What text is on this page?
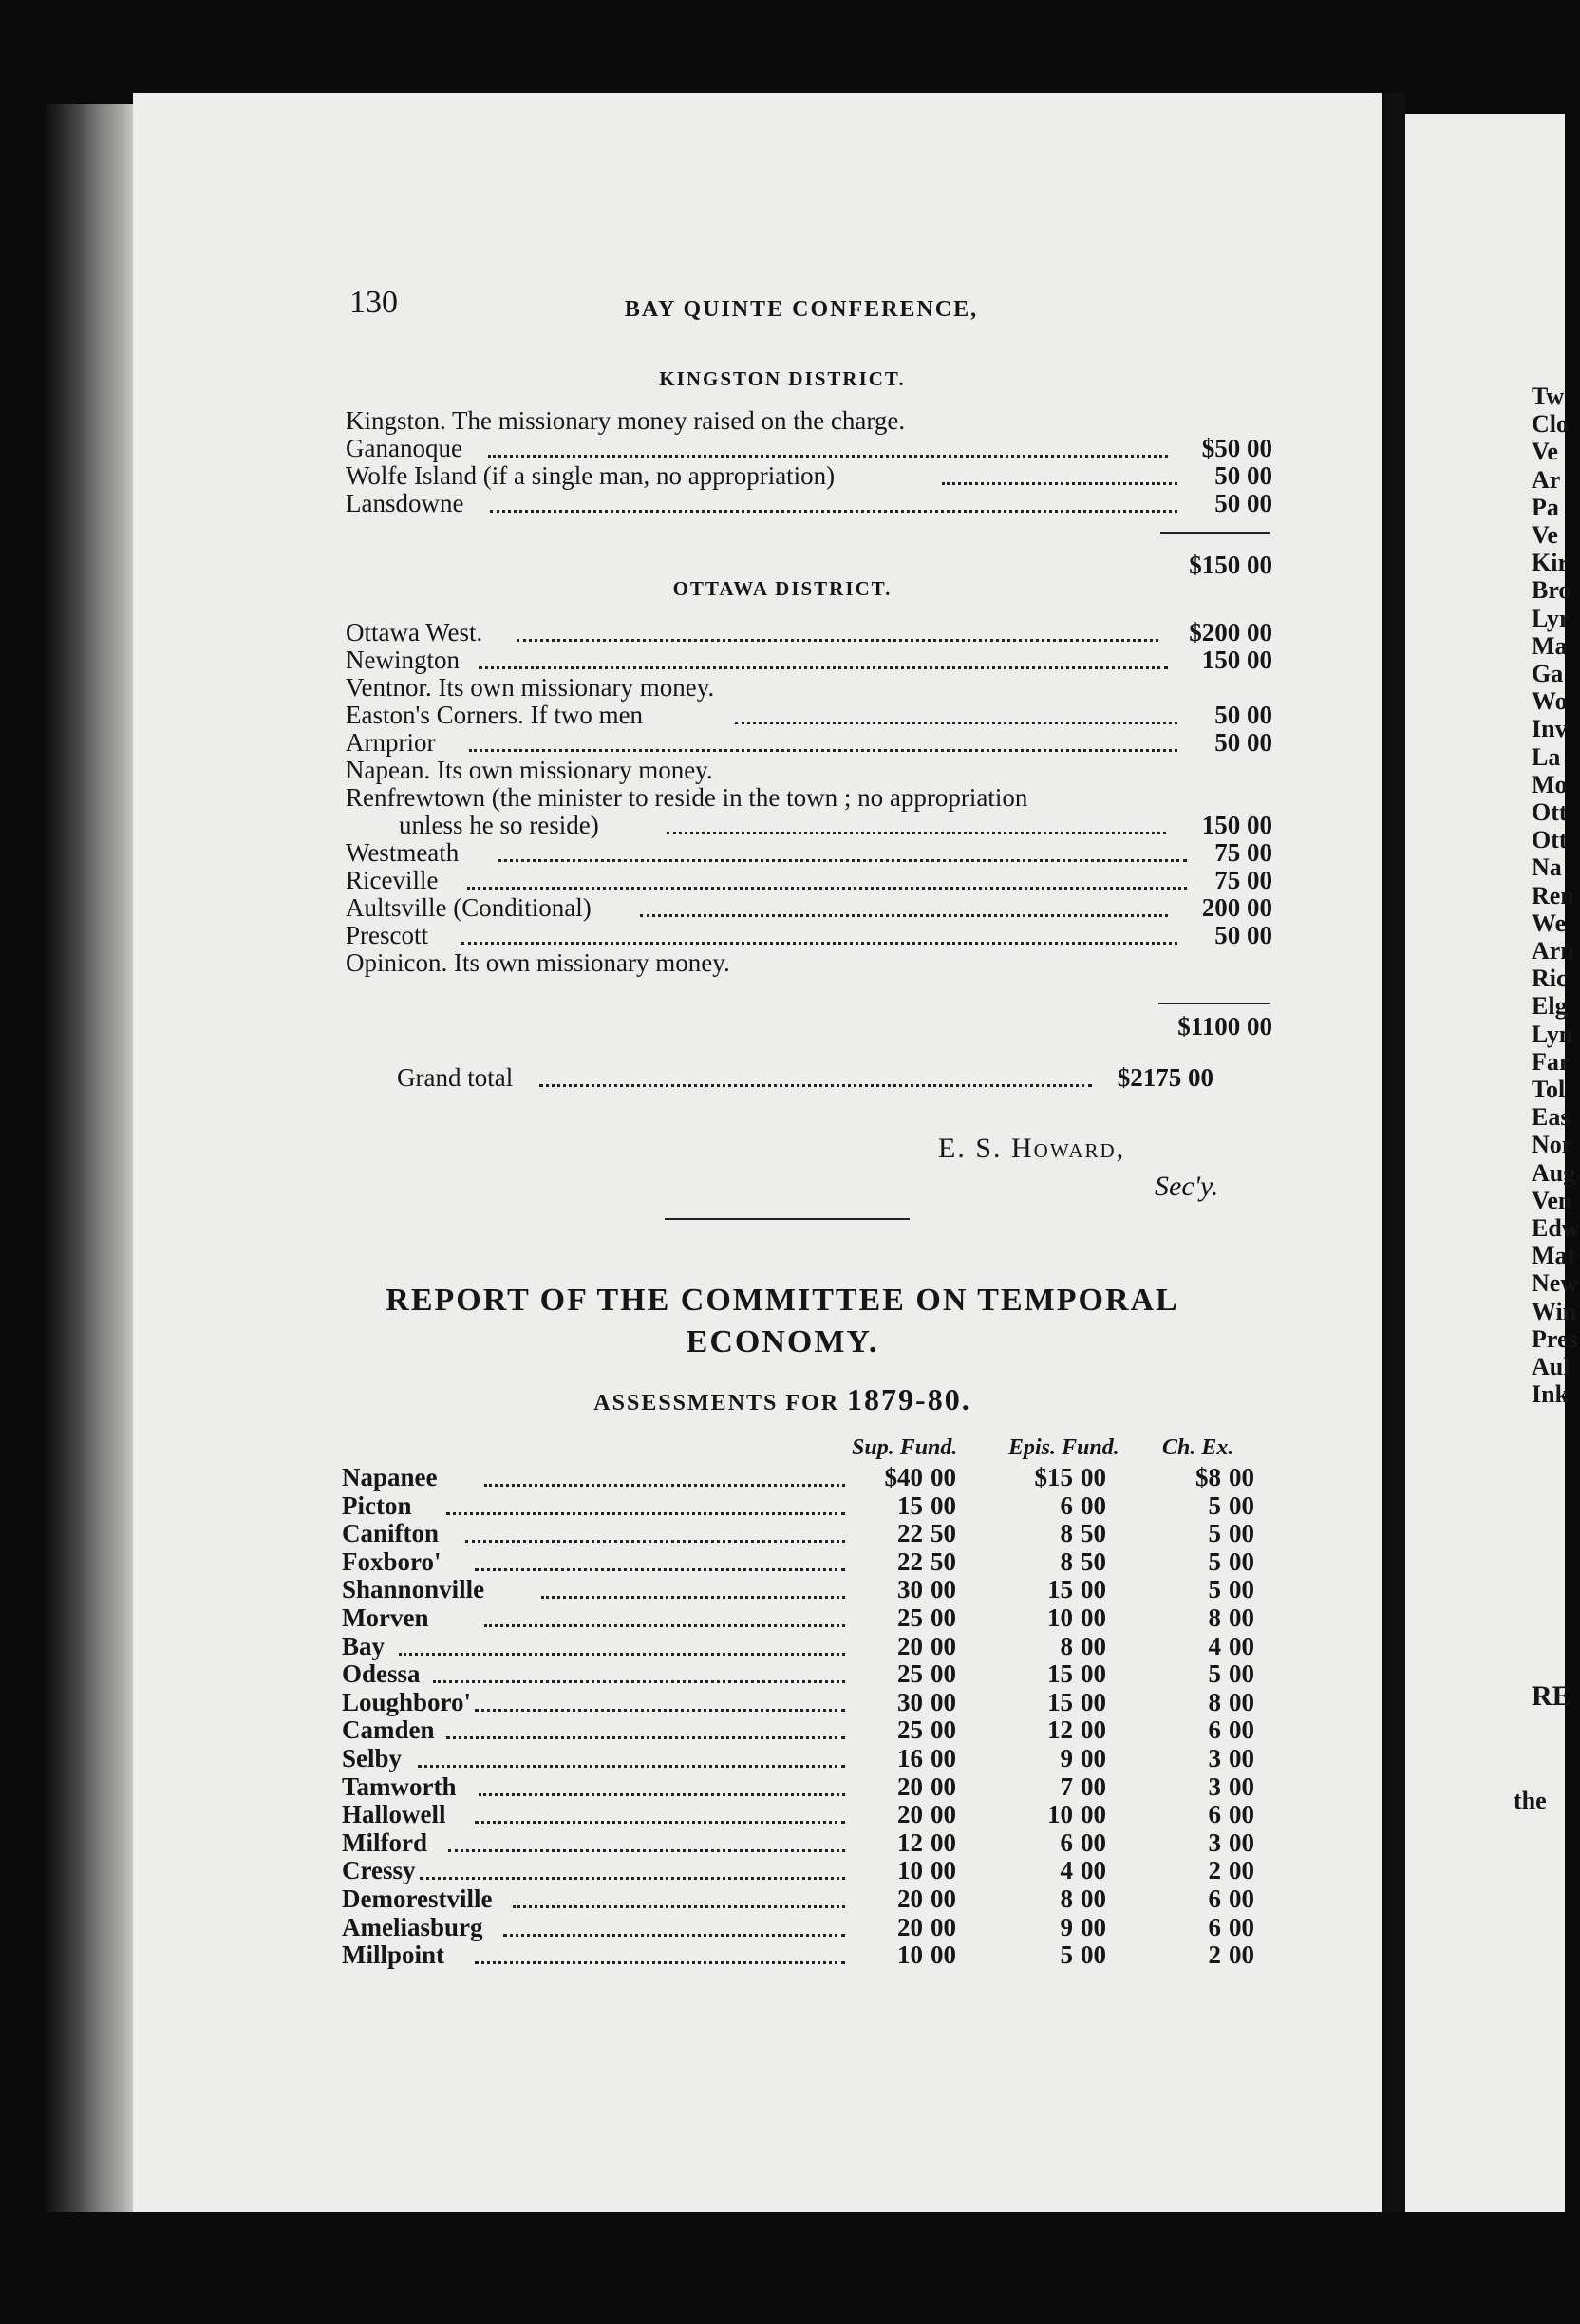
130	BAY QUINTE CONFERENCE,
KINGSTON DISTRICT.
Kingston. The missionary money raised on the charge.
Gananoque	$50 00
Wolfe Island (if a single man, no appropriation)	50 00
Lansdowne	50 00
$150 00
OTTAWA DISTRICT.
Ottawa West.	$200 00
Newington	150 00
Ventnor. Its own missionary money.
Easton's Corners. If two men	50 00
Arnprior	50 00
Napean. Its own missionary money.
Renfrewtown (the minister to reside in the town ; no appropriation
unless he so reside)	150 00
Westmeath	75 00
Riceville	75 00
Aultsville (Conditional)	200 00
Prescott	50 00
Opinicon. Its own missionary money.
$1100 00
Grand total	$2175 00
E. S. Howard,
Sec'y.
REPORT OF THE COMMITTEE ON TEMPORAL
ECONOMY.
ASSESSMENTS FOR 1879-80.
Sup. Fund. Epis. Fund. Ch. Ex.
Napanee	$40 00	$15 00	$8 00
Picton	15 00	6 00	5 00
Canifton	22 50	8 50	5 00
Foxboro'	22 50	8 50	5 00
Shannonville	30 00	15 00	5 00
Morven	25 00	10 00	8 00
Bay	20 00	8 00	4 00
Odessa	25 00	15 00	5 00
Loughboro'	30 00	15 00	8 00
Camden	25 00	12 00	6 00
Selby	16 00	9 00	3 00
Tamworth	20 00	7 00	3 00
Hallowell	20 00	10 00	6 00
Milford	12 00	6 00	3 00
Cressy	10 00	4 00	2 00
Demorestville	20 00	8 00	6 00
Ameliasburg	20 00	9 00	6 00
Millpoint	10 00	5 00	2 00
Tw
Clo
Ve
Ar
Pa
Ve
Kir
Bro
Lyr
Ma
Ga
Wo
Inv
La
Mo
Ott
Ott
Na
Ren
We
Arn
Ric
Elg
Lyn
Far
Tol
Eas
Nor
Aug
Ven
Edw
Mat
New
Win
Pres
Aul
Ink
RE
the
